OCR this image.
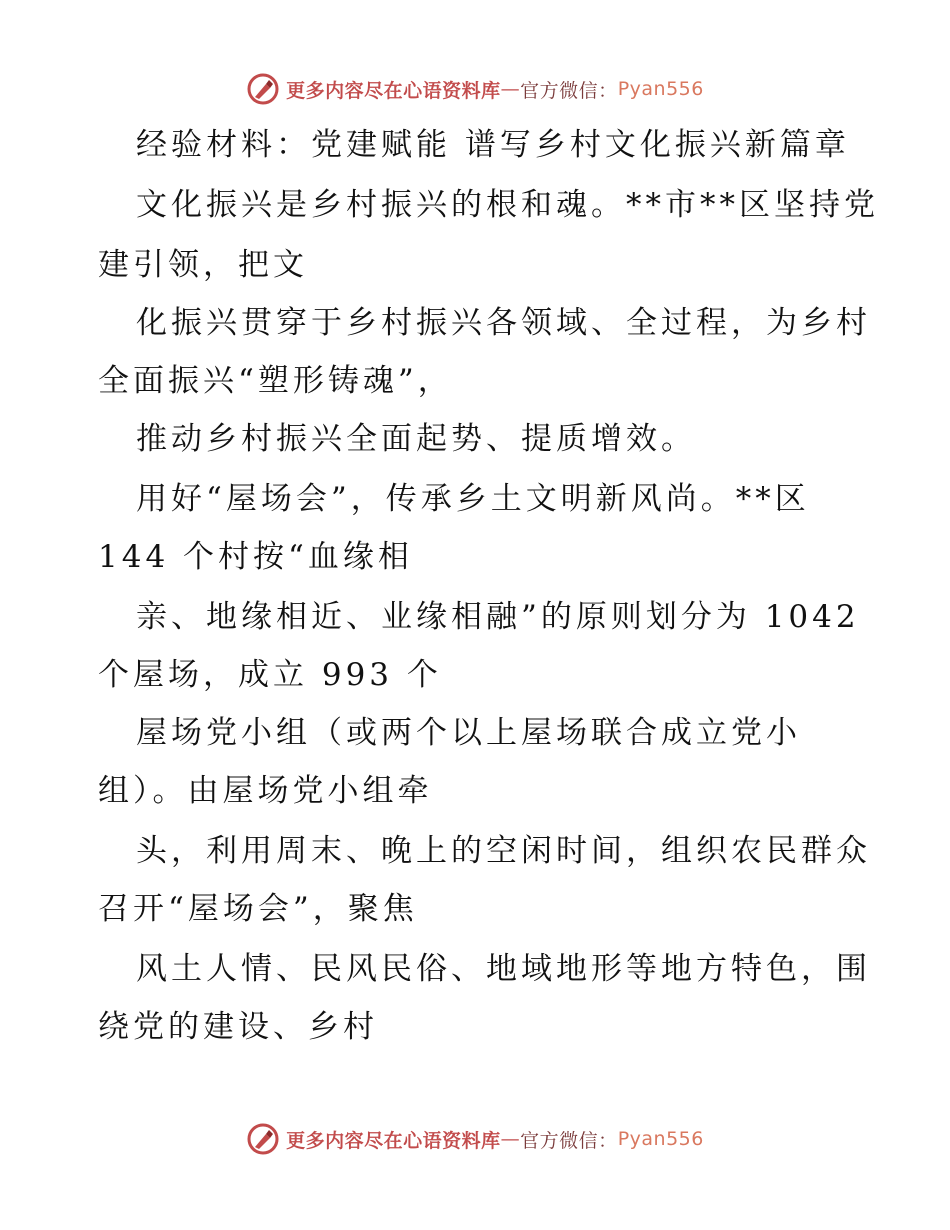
更多内容尽在心语资料库 — 官方微信： Pyan556
经验材料：党建赋能 谱写乡村文化振兴新篇章
文化振兴是乡村振兴的根和魂。**市**区坚持党
建引领，把文
化振兴贯穿于乡村振兴各领域、全过程，为乡村
全面振兴“塑形铸魂”，
推动乡村振兴全面起势、提质增效。
用好“屋场会”，传承乡土文明新风尚。**区
144 个村按“血缘相
亲、地缘相近、业缘相融”的原则划分为 1042
个屋场，成立 993 个
屋场党小组（或两个以上屋场联合成立党小
组）。由屋场党小组牵
头，利用周末、晚上的空闲时间，组织农民群众
召开“屋场会”，聚焦
风土人情、民风民俗、地域地形等地方特色，围
绕党的建设、乡村
更多内容尽在心语资料库 — 官方微信： Pyan556
